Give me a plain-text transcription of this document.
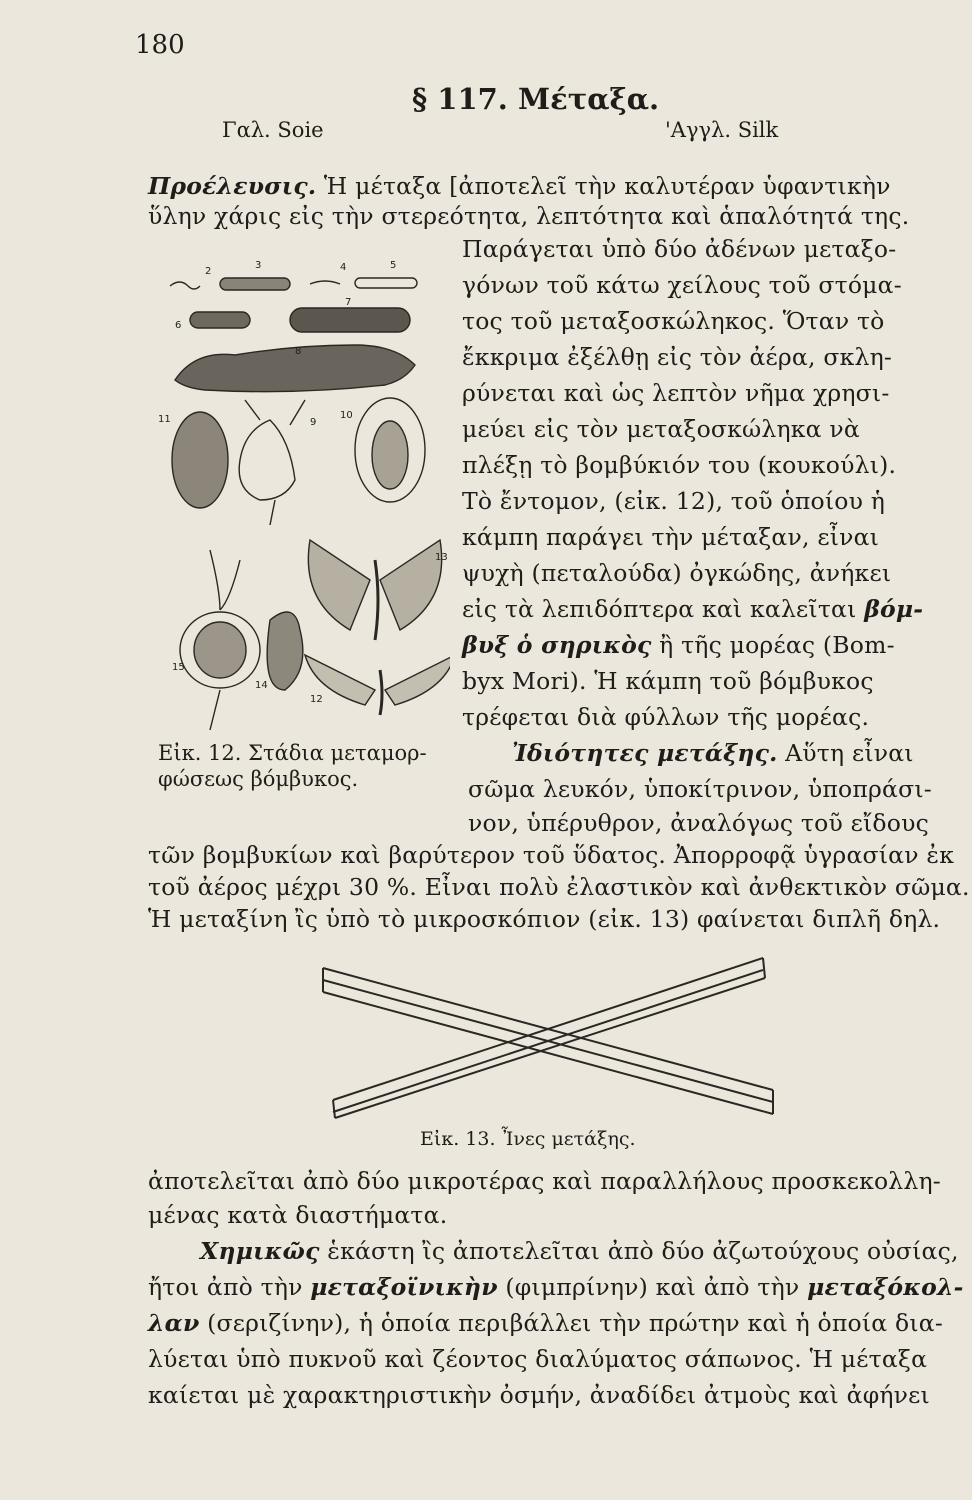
180
§ 117. Μέταξα.
Γαλ. Soie	'Αγγλ. Silk
Προέλευσις. Ἡ μέταξα [ἀποτελεῖ τὴν καλυτέραν ὑφαντικὴν
ὕλην χάρις εἰς τὴν στερεότητα, λεπτότητα καὶ ἁπαλότητά της.
Παράγεται ὑπὸ δύο ἀδένων μεταξο-
γόνων τοῦ κάτω χείλους τοῦ στόμα-
τος τοῦ μεταξοσκώληκος. Ὅταν τὸ
ἔκκριμα ἐξέλθῃ εἰς τὸν ἀέρα, σκλη-
ρύνεται καὶ ὡς λεπτὸν νῆμα χρησι-
μεύει εἰς τὸν μεταξοσκώληκα νὰ
πλέξῃ τὸ βομβύκιόν του (κουκούλι).
Τὸ ἔντομον, (εἰκ. 12), τοῦ ὁποίου ἡ
κάμπη παράγει τὴν μέταξαν, εἶναι
ψυχὴ (πεταλούδα) ὀγκώδης, ἀνήκει
εἰς τὰ λεπιδόπτερα καὶ καλεῖται βόμ-
βυξ ὁ σηρικὸς ἢ τῆς μορέας (Bom-
byx Mori). Ἡ κάμπη τοῦ βόμβυκος
τρέφεται διὰ φύλλων τῆς μορέας.
Ἰδιότητες μετάξης. Αὕτη εἶναι
σῶμα λευκόν, ὑποκίτρινον, ὑποπράσι-
νον, ὑπέρυθρον, ἀναλόγως τοῦ εἴδους
τῶν βομβυκίων καὶ βαρύτερον τοῦ ὕδατος. Ἀπορροφᾷ ὑγρασίαν ἐκ
τοῦ ἀέρος μέχρι 30 %. Εἶναι πολὺ ἐλαστικὸν καὶ ἀνθεκτικὸν σῶμα.
Ἡ μεταξίνη ἲς ὑπὸ τὸ μικροσκόπιον (εἰκ. 13) φαίνεται διπλῆ δηλ.
2
3	4	5
6
7
8
9
10
11
12
13
14
15
Εἰκ. 12. Στάδια μεταμορ-
φώσεως βόμβυκος.
Εἰκ. 13. Ἶνες μετάξης.
ἀποτελεῖται ἀπὸ δύο μικροτέρας καὶ παραλλήλους προσκεκολλη-
μένας κατὰ διαστήματα.
Χημικῶς ἑκάστη ἲς ἀποτελεῖται ἀπὸ δύο ἀζωτούχους οὐσίας,
ἤτοι ἀπὸ τὴν μεταξοϊνικὴν (φιμπρίνην) καὶ ἀπὸ τὴν μεταξόκολ-
λαν (σεριζίνην), ἡ ὁποία περιβάλλει τὴν πρώτην καὶ ἡ ὁποία δια-
λύεται ὑπὸ πυκνοῦ καὶ ζέοντος διαλύματος σάπωνος. Ἡ μέταξα
καίεται μὲ χαρακτηριστικὴν ὀσμήν, ἀναδίδει ἀτμοὺς καὶ ἀφήνει
